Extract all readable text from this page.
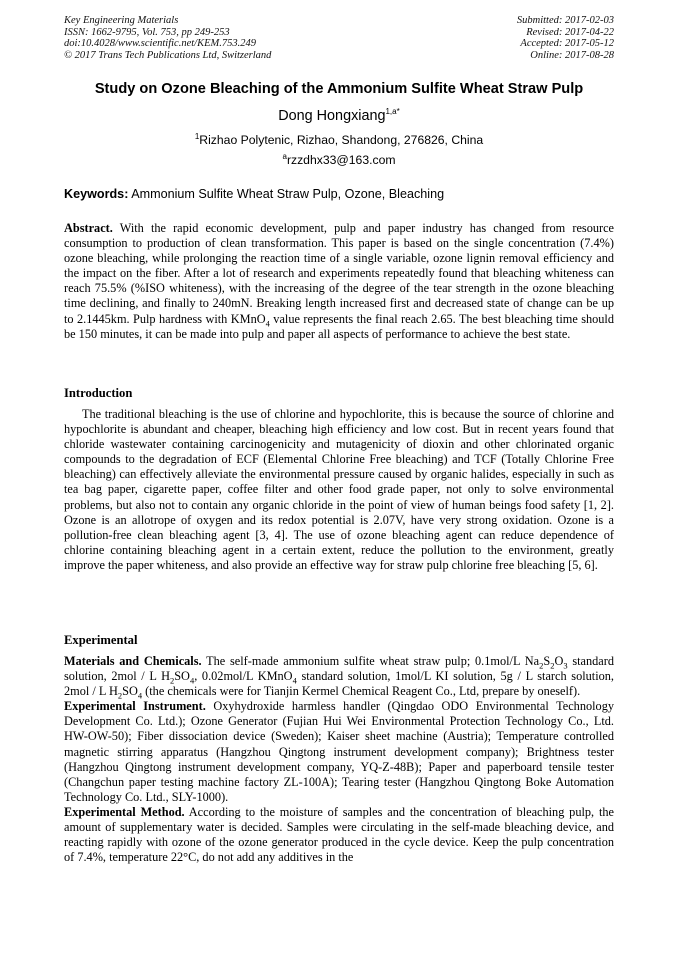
Key Engineering Materials
ISSN: 1662-9795, Vol. 753, pp 249-253
doi:10.4028/www.scientific.net/KEM.753.249
© 2017 Trans Tech Publications Ltd, Switzerland
Submitted: 2017-02-03
Revised: 2017-04-22
Accepted: 2017-05-12
Online: 2017-08-28
Study on Ozone Bleaching of the Ammonium Sulfite Wheat Straw Pulp
Dong Hongxiang$^{1,a*}$
$^1$Rizhao Polytenic, Rizhao, Shandong, 276826, China
$^a$rzzdhx33@163.com
Keywords: Ammonium Sulfite Wheat Straw Pulp, Ozone, Bleaching

Abstract. With the rapid economic development, pulp and paper industry has changed from resource consumption to production of clean transformation. This paper is based on the single concentration (7.4%) ozone bleaching, while prolonging the reaction time of a single variable, ozone lignin removal efficiency and the impact on the fiber. After a lot of research and experiments repeatedly found that bleaching whiteness can reach 75.5% (%ISO whiteness), with the increasing of the degree of the tear strength in the ozone bleaching time declining, and finally to 240mN. Breaking length increased first and decreased state of change can be up to 2.1445km. Pulp hardness with KMnO$_4$ value represents the final reach 2.65. The best bleaching time should be 150 minutes, it can be made into pulp and paper all aspects of performance to achieve the best state.

Introduction

The traditional bleaching is the use of chlorine and hypochlorite, this is because the source of chlorine and hypochlorite is abundant and cheaper, bleaching high efficiency and low cost. But in recent years found that chloride wastewater containing carcinogenicity and mutagenicity of dioxin and other chlorinated organic compounds to the degradation of ECF (Elemental Chlorine Free bleaching) and TCF (Totally Chlorine Free bleaching) can effectively alleviate the environmental pressure caused by organic halides, especially in such as tea bag paper, cigarette paper, coffee filter and other food grade paper, not only to solve environmental problems, but also not to contain any organic chloride in the point of view of human beings food safety [1, 2]. Ozone is an allotrope of oxygen and its redox potential is 2.07V, have very strong oxidation. Ozone is a pollution-free clean bleaching agent [3, 4]. The use of ozone bleaching agent can reduce dependence of chlorine containing bleaching agent in a certain extent, reduce the pollution to the environment, greatly improve the paper whiteness, and also provide an effective way for straw pulp chlorine free bleaching [5, 6].

Experimental

Materials and Chemicals. The self-made ammonium sulfite wheat straw pulp; 0.1mol/L $Na_2S_2O_3$ standard solution, 2mol / L $H_2SO_4$, 0.02mol/L KMnO$_4$ standard solution, 1mol/L KI solution, 5g / L starch solution, 2mol / L $H_2SO_4$ (the chemicals were for Tianjin Kermel Chemical Reagent Co., Ltd, prepare by oneself).

Experimental Instrument. Oxyhydroxide harmless handler (Qingdao ODO Environmental Technology Development Co. Ltd.); Ozone Generator (Fujian Hui Wei Environmental Protection Technology Co., Ltd. HW-OW-50); Fiber dissociation device (Sweden); Kaiser sheet machine (Austria); Temperature controlled magnetic stirring apparatus (Hangzhou Qingtong instrument development company); Brightness tester (Hangzhou Qingtong instrument development company, YQ-Z-48B); Paper and paperboard tensile tester (Changchun paper testing machine factory ZL-100A); Tearing tester (Hangzhou Qingtong Boke Automation Technology Co. Ltd., SLY-1000).

Experimental Method. According to the moisture of samples and the concentration of bleaching pulp, the amount of supplementary water is decided. Samples were circulating in the self-made bleaching device, and reacting rapidly with ozone of the ozone generator produced in the cycle device. Keep the pulp concentration of 7.4%, temperature 22°C, do not add any additives in the
